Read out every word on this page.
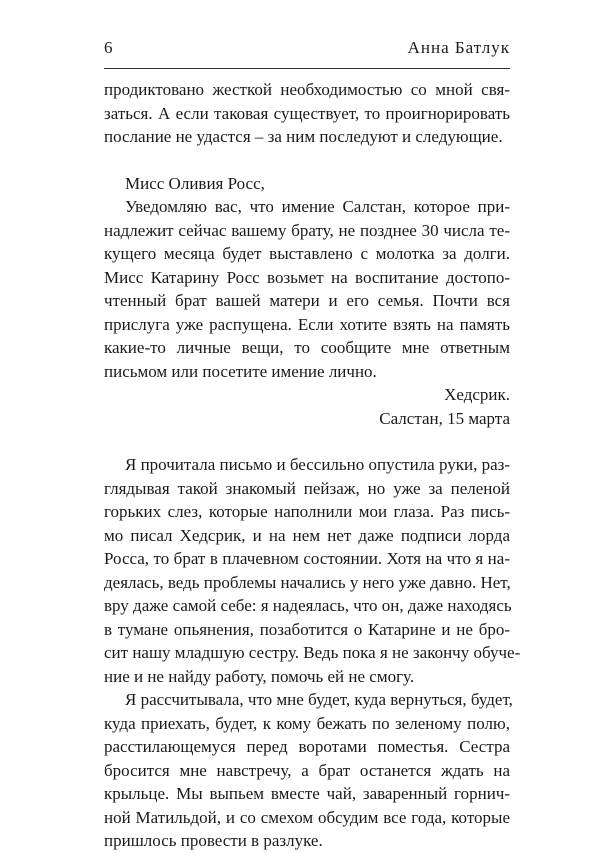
6	Анна Батлук

продиктовано жесткой необходимостью со мной свя-
заться. А если таковая существует, то проигнорировать
послание не удастся – за ним последуют и следующие.

Мисс Оливия Росс,
Уведомляю вас, что имение Салстан, которое при-
надлежит сейчас вашему брату, не позднее 30 числа те-
кущего месяца будет выставлено с молотка за долги.
Мисс Катарину Росс возьмет на воспитание достопо-
чтенный брат вашей матери и его семья. Почти вся
прислуга уже распущена. Если хотите взять на память
какие-то личные вещи, то сообщите мне ответным
письмом или посетите имение лично.
Хедсрик.
Салстан, 15 марта

Я прочитала письмо и бессильно опустила руки, раз-
глядывая такой знакомый пейзаж, но уже за пеленой
горьких слез, которые наполнили мои глаза. Раз пись-
мо писал Хедсрик, и на нем нет даже подписи лорда
Росса, то брат в плачевном состоянии. Хотя на что я на-
деялась, ведь проблемы начались у него уже давно. Нет,
вру даже самой себе: я надеялась, что он, даже находясь
в тумане опьянения, позаботится о Катарине и не бро-
сит нашу младшую сестру. Ведь пока я не закончу обуче-
ние и не найду работу, помочь ей не смогу.

Я рассчитывала, что мне будет, куда вернуться, будет,
куда приехать, будет, к кому бежать по зеленому полю,
расстилающемуся перед воротами поместья. Сестра
бросится мне навстречу, а брат останется ждать на
крыльце. Мы выпьем вместе чай, заваренный горнич-
ной Матильдой, и со смехом обсудим все года, которые
пришлось провести в разлуке.
